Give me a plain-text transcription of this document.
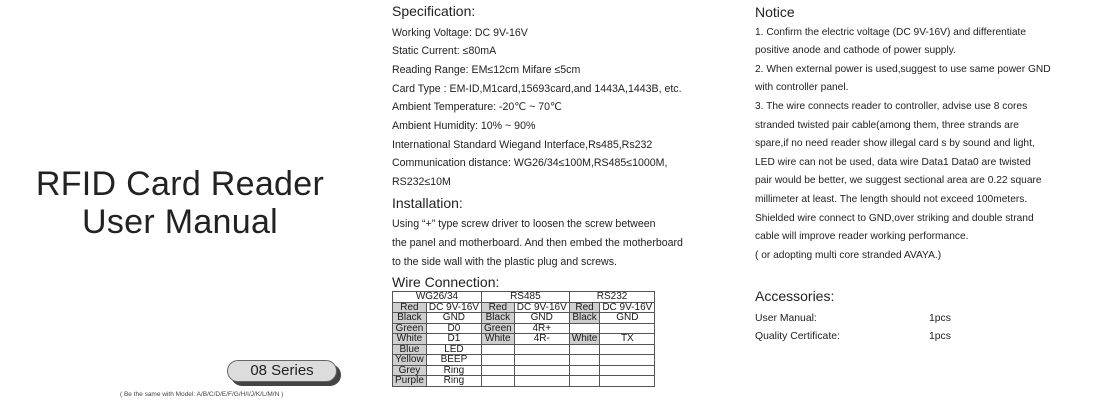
RFID Card Reader
User Manual
08 Series
( Be the same with Model: A/B/C/D/E/F/G/H/I/J/K/L/M/N )
Specification:
Working Voltage: DC 9V-16V
Static Current: ≤80mA
Reading Range: EM≤12cm Mifare ≤5cm
Card Type : EM-ID,M1card,15693card,and 1443A,1443B, etc.
Ambient Temperature: -20℃ ~ 70℃
Ambient Humidity: 10% ~ 90%
International Standard Wiegand Interface,Rs485,Rs232
Communication distance: WG26/34≤100M,RS485≤1000M,
RS232≤10M
Installation:
Using “+” type screw driver to loosen the screw between
the panel and motherboard. And then embed the motherboard
to the side wall with the plastic plug and screws.
Wire Connection:
WG26/34		RS485		RS232	
Red	DC 9V-16V	Red	DC 9V-16V	Red	DC 9V-16V
Black	GND	Black	GND	Black	GND
Green	D0	Green	4R+		
White	D1	White	4R-	White	TX
Blue	LED				
Yellow	BEEP				
Grey	Ring				
Purple	Ring				
Notice
1. Confirm the electric voltage (DC 9V-16V) and differentiate
positive anode and cathode of power supply.
2. When external power is used,suggest to use same power GND
with controller panel.
3. The wire connects reader to controller, advise use 8 cores
stranded twisted pair cable(among them, three strands are
spare,if no need reader show illegal card s by sound and light,
LED wire can not be used, data wire Data1 Data0 are twisted
pair would be better, we suggest sectional area are 0.22 square
millimeter at least. The length should not exceed 100meters.
Shielded wire connect to GND,over striking and double strand
cable will improve reader working performance.
( or adopting multi core stranded AVAYA.)
Accessories:
User Manual:	1pcs
Quality Certificate:	1pcs
